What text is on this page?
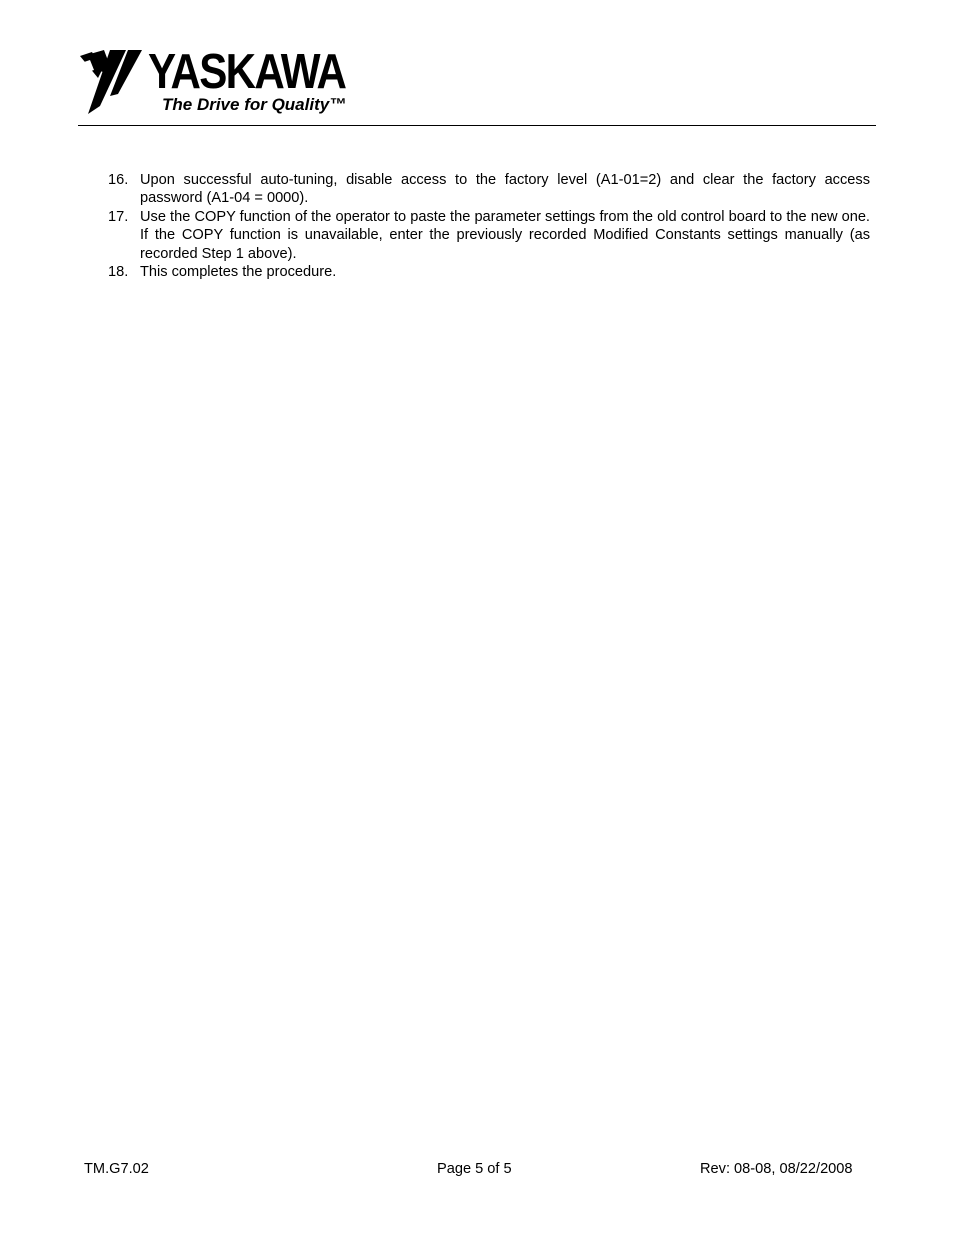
YASKAWA
The Drive for Quality™
16. Upon successful auto-tuning, disable access to the factory level (A1-01=2) and clear the factory access password (A1-04 = 0000).
17. Use the COPY function of the operator to paste the parameter settings from the old control board to the new one. If the COPY function is unavailable, enter the previously recorded Modified Constants settings manually (as recorded Step 1 above).
18. This completes the procedure.
TM.G7.02	Page 5 of 5	Rev: 08-08, 08/22/2008
